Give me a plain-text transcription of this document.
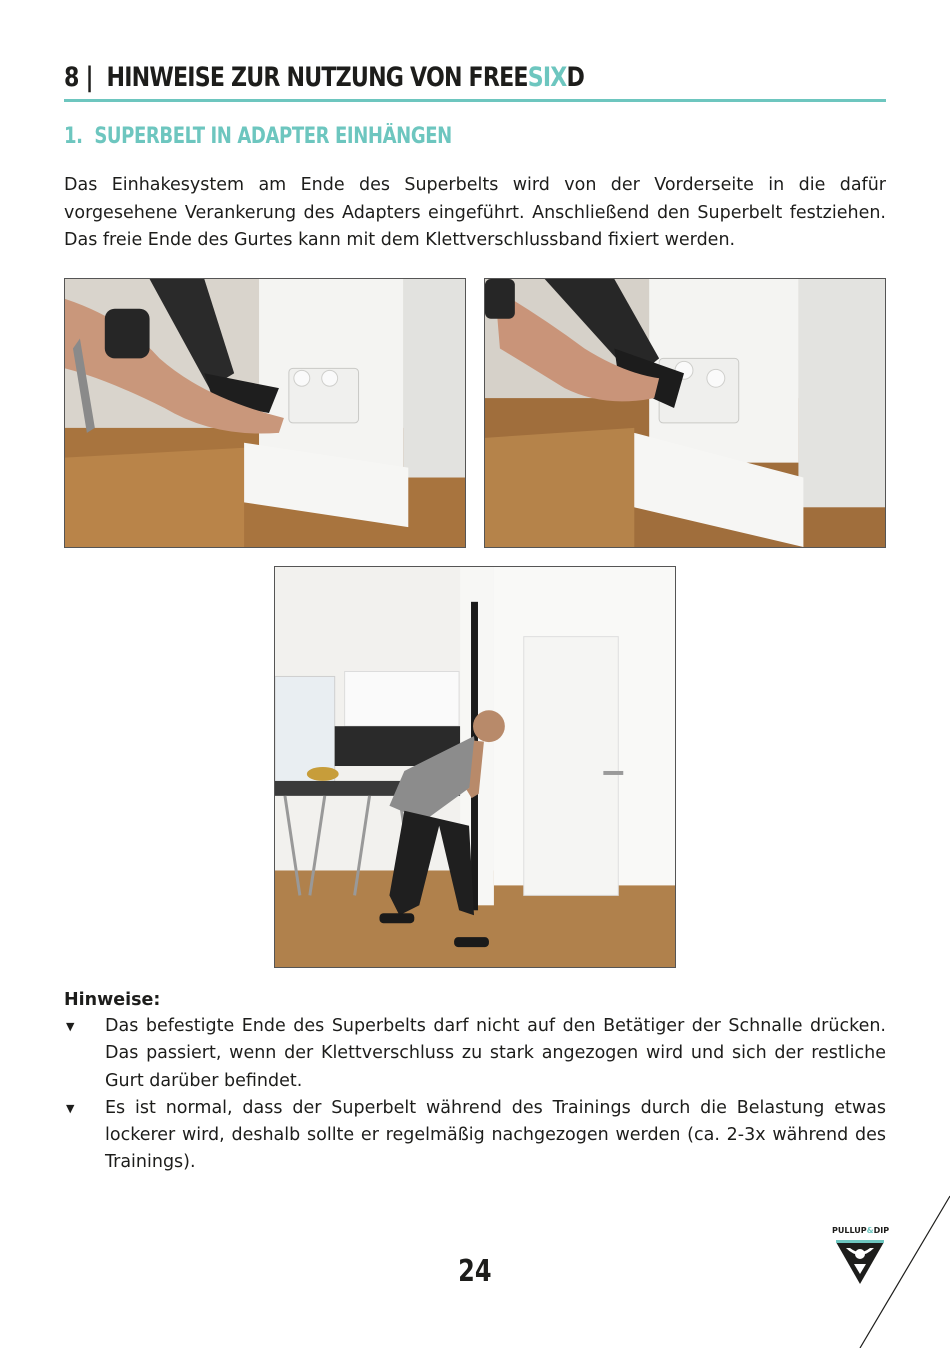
8 | HINWEISE ZUR NUTZUNG VON FREESIXD
1. SUPERBELT IN ADAPTER EINHÄNGEN

Das Einhakesystem am Ende des Superbelts wird von der Vorderseite in die dafür vorgesehene Verankerung des Adapters eingeführt. Anschließend den Superbelt festziehen. Das freie Ende des Gurtes kann mit dem Klettverschlussband fixiert werden.

Hinweise:
▼ Das befestigte Ende des Superbelts darf nicht auf den Betätiger der Schnalle drücken. Das passiert, wenn der Klettverschluss zu stark angezogen wird und sich der restliche Gurt darüber befindet.
▼ Es ist normal, dass der Superbelt während des Trainings durch die Belastung etwas lockerer wird, deshalb sollte er regelmäßig nachgezogen werden (ca. 2-3x während des Trainings).
24
PULLUP&DIP
